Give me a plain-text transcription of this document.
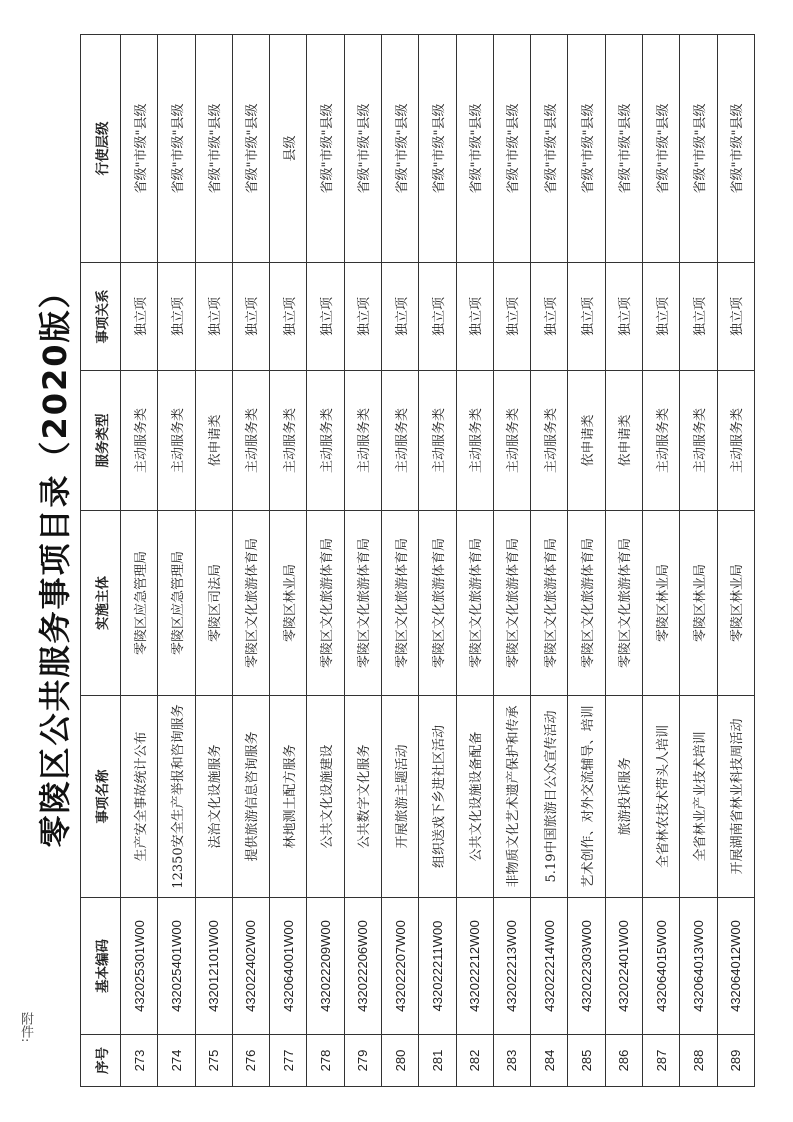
附件:
零陵区公共服务事项目录（2020版）
序号	基本编码	事项名称	实施主体	服务类型	事项关系	行使层级
273	432025301W00	生产安全事故统计公布	零陵区应急管理局	主动服务类	独立项	省级"市级"县级
274	432025401W00	12350安全生产举报和咨询服务	零陵区应急管理局	主动服务类	独立项	省级"市级"县级
275	432012101W00	法治文化设施服务	零陵区司法局	依申请类	独立项	省级"市级"县级
276	432022402W00	提供旅游信息咨询服务	零陵区文化旅游体育局	主动服务类	独立项	省级"市级"县级
277	432064001W00	林地测土配方服务	零陵区林业局	主动服务类	独立项	县级
278	432022209W00	公共文化设施建设	零陵区文化旅游体育局	主动服务类	独立项	省级"市级"县级
279	432022206W00	公共数字文化服务	零陵区文化旅游体育局	主动服务类	独立项	省级"市级"县级
280	432022207W00	开展旅游主题活动	零陵区文化旅游体育局	主动服务类	独立项	省级"市级"县级
281	432022211W00	组织送戏下乡进社区活动	零陵区文化旅游体育局	主动服务类	独立项	省级"市级"县级
282	432022212W00	公共文化设施设备配备	零陵区文化旅游体育局	主动服务类	独立项	省级"市级"县级
283	432022213W00	非物质文化艺术遗产保护和传承	零陵区文化旅游体育局	主动服务类	独立项	省级"市级"县级
284	432022214W00	5.19中国旅游日公众宣传活动	零陵区文化旅游体育局	主动服务类	独立项	省级"市级"县级
285	432022303W00	艺术创作、对外交流辅导、培训	零陵区文化旅游体育局	依申请类	独立项	省级"市级"县级
286	432022401W00	旅游投诉服务	零陵区文化旅游体育局	依申请类	独立项	省级"市级"县级
287	432064015W00	全省林农技术带头人培训	零陵区林业局	主动服务类	独立项	省级"市级"县级
288	432064013W00	全省林业产业技术培训	零陵区林业局	主动服务类	独立项	省级"市级"县级
289	432064012W00	开展湖南省林业科技周活动	零陵区林业局	主动服务类	独立项	省级"市级"县级
